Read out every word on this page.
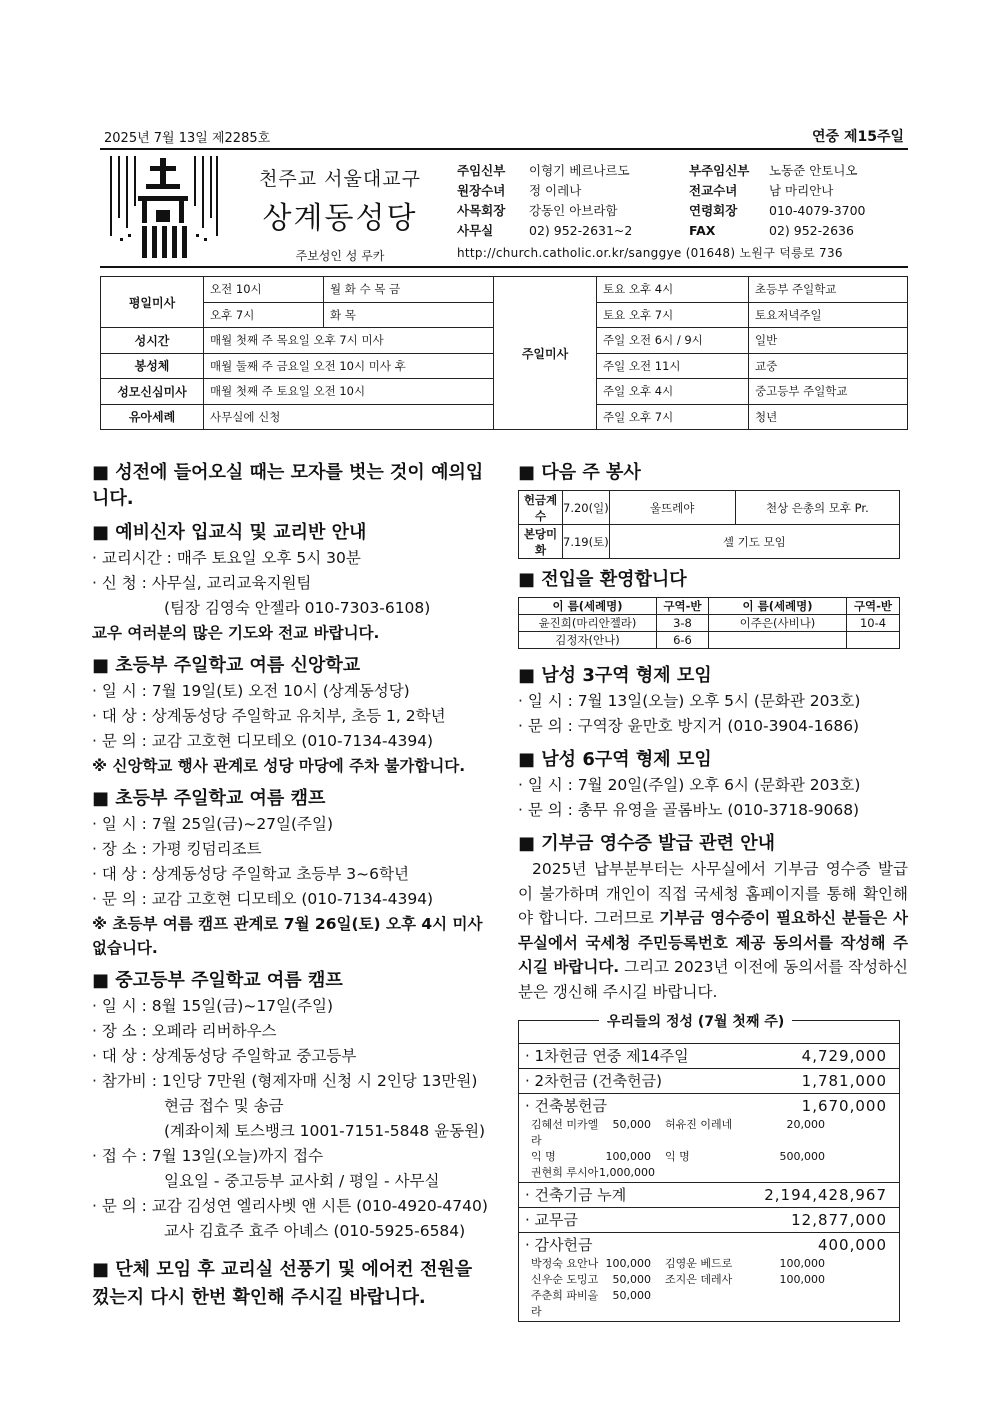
2025년 7월 13일 제2285호	연중 제15주일
천주교 서울대교구
상계동성당
주보성인 성 루카
주임신부	이형기 베르나르도	부주임신부	노동준 안토니오
원장수녀	정 이레나	전교수녀	남 마리안나
사목회장	강동인 아브라함	연령회장	010-4079-3700
사무실	02) 952-2631~2	FAX	02) 952-2636
http://church.catholic.or.kr/sanggye (01648) 노원구 덕릉로 736
평일미사	오전 10시	월 화 수 목 금	주일미사	토요 오후 4시	초등부 주일학교
	오후 7시	화 목		토요 오후 7시	토요저녁주일
성시간	매월 첫째 주 목요일 오후 7시 미사			주일 오전 6시 / 9시	일반
봉성체	매월 둘째 주 금요일 오전 10시 미사 후			주일 오전 11시	교중
성모신심미사	매월 첫째 주 토요일 오전 10시			주일 오후 4시	중고등부 주일학교
유아세례	사무실에 신청			주일 오후 7시	청년
■ 성전에 들어오실 때는 모자를 벗는 것이 예의입니다.
■ 예비신자 입교식 및 교리반 안내
· 교리시간 : 매주 토요일 오후 5시 30분
· 신 청 : 사무실, 교리교육지원팀
(팀장 김영숙 안젤라 010-7303-6108)
교우 여러분의 많은 기도와 전교 바랍니다.
■ 초등부 주일학교 여름 신앙학교
· 일 시 : 7월 19일(토) 오전 10시 (상계동성당)
· 대 상 : 상계동성당 주일학교 유치부, 초등 1, 2학년
· 문 의 : 교감 고호현 디모테오 (010-7134-4394)
※ 신앙학교 행사 관계로 성당 마당에 주차 불가합니다.
■ 초등부 주일학교 여름 캠프
· 일 시 : 7월 25일(금)~27일(주일)
· 장 소 : 가평 킹덤리조트
· 대 상 : 상계동성당 주일학교 초등부 3~6학년
· 문 의 : 교감 고호현 디모테오 (010-7134-4394)
※ 초등부 여름 캠프 관계로 7월 26일(토) 오후 4시 미사 없습니다.
■ 중고등부 주일학교 여름 캠프
· 일 시 : 8월 15일(금)~17일(주일)
· 장 소 : 오페라 리버하우스
· 대 상 : 상계동성당 주일학교 중고등부
· 참가비 : 1인당 7만원 (형제자매 신청 시 2인당 13만원)
현금 접수 및 송금
(계좌이체 토스뱅크 1001-7151-5848 윤동원)
· 접 수 : 7월 13일(오늘)까지 접수
일요일 - 중고등부 교사회 / 평일 - 사무실
· 문 의 : 교감 김성연 엘리사벳 앤 시튼 (010-4920-4740)
교사 김효주 효주 아녜스 (010-5925-6584)
■ 단체 모임 후 교리실 선풍기 및 에어컨 전원을 껐는지 다시 한번 확인해 주시길 바랍니다.
■ 다음 주 봉사
헌금계수	7.20(일)	울뜨레야	천상 은총의 모후 Pr.
본당미화	7.19(토)	셀 기도 모임	
■ 전입을 환영합니다
이 름(세례명)	구역-반	이 름(세례명)	구역-반
윤진희(마리안젤라)	3-8	이주은(사비나)	10-4
김정자(안나)	6-6		
■ 남성 3구역 형제 모임
· 일 시 : 7월 13일(오늘) 오후 5시 (문화관 203호)
· 문 의 : 구역장 윤만호 방지거 (010-3904-1686)
■ 남성 6구역 형제 모임
· 일 시 : 7월 20일(주일) 오후 6시 (문화관 203호)
· 문 의 : 총무 유영을 골롬바노 (010-3718-9068)
■ 기부금 영수증 발급 관련 안내
2025년 납부분부터는 사무실에서 기부금 영수증 발급이 불가하며 개인이 직접 국세청 홈페이지를 통해 확인해야 합니다. 그러므로 기부금 영수증이 필요하신 분들은 사무실에서 국세청 주민등록번호 제공 동의서를 작성해 주시길 바랍니다. 그리고 2023년 이전에 동의서를 작성하신 분은 갱신해 주시길 바랍니다.
우리들의 정성 (7월 첫째 주)
· 1차헌금 연중 제14주일	4,729,000
· 2차헌금 (건축헌금)	1,781,000
· 건축봉헌금	1,670,000
김혜선 미카엘라
50,000	허유진 이레네	20,000
익 명	100,000	익 명	500,000
권현희 루시아 1,000,000
· 건축기금 누계	2,194,428,967
· 교무금	12,877,000
· 감사헌금	400,000
박정숙 요안나 100,000	김영운 베드로	100,000
신우순 도밍고	50,000	조지은 데레사	100,000
주춘희 파비올라
50,000
